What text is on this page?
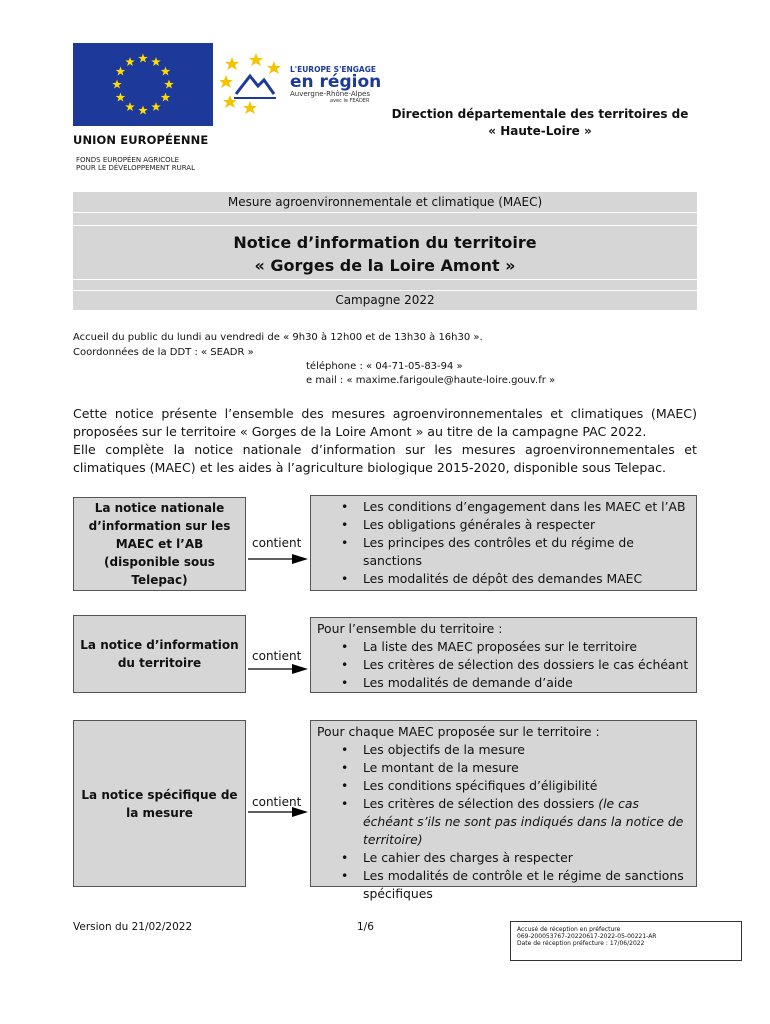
UNION EUROPÉENNE
FONDS EUROPÉEN AGRICOLE
POUR LE DÉVELOPPEMENT RURAL
L'EUROPE S'ENGAGE
en région
Auvergne-Rhône-Alpes
avec le FEADER
Direction départementale des territoires de
« Haute-Loire »
Mesure agroenvironnementale et climatique (MAEC)
Notice d’information du territoire
« Gorges de la Loire Amont »
Campagne 2022
Accueil du public du lundi au vendredi de « 9h30 à 12h00 et de 13h30 à 16h30 ».
Coordonnées de la DDT : « SEADR »
téléphone : « 04-71-05-83-94 »
e mail : « maxime.farigoule@haute-loire.gouv.fr »
Cette notice présente l’ensemble des mesures agroenvironnementales et climatiques (MAEC) proposées sur le territoire « Gorges de la Loire Amont » au titre de la campagne PAC 2022.
Elle complète la notice nationale d’information sur les mesures agroenvironnementales et climatiques (MAEC) et les aides à l’agriculture biologique 2015-2020, disponible sous Telepac.
La notice nationale d’information sur les MAEC et l’AB (disponible sous Telepac)
contient
• Les conditions d’engagement dans les MAEC et l’AB
• Les obligations générales à respecter
• Les principes des contrôles et du régime de sanctions
• Les modalités de dépôt des demandes MAEC
La notice d’information du territoire	contient

Pour l’ensemble du territoire :

• La liste des MAEC proposées sur le territoire
• Les critères de sélection des dossiers le cas échéant
• Les modalités de demande d’aide
La notice spécifique de la mesure
contient

Pour chaque MAEC proposée sur le territoire :

• Les objectifs de la mesure
• Le montant de la mesure
• Les conditions spécifiques d’éligibilité
• Les critères de sélection des dossiers (le cas échéant s’ils ne sont pas indiqués dans la notice de territoire)
• Le cahier des charges à respecter
• Les modalités de contrôle et le régime de sanctions spécifiques
Version du 21/02/2022	1/6	Accusé de réception en préfecture
069-200053767-20220617-2022-05-00221-AR
Date de réception préfecture : 17/06/2022
